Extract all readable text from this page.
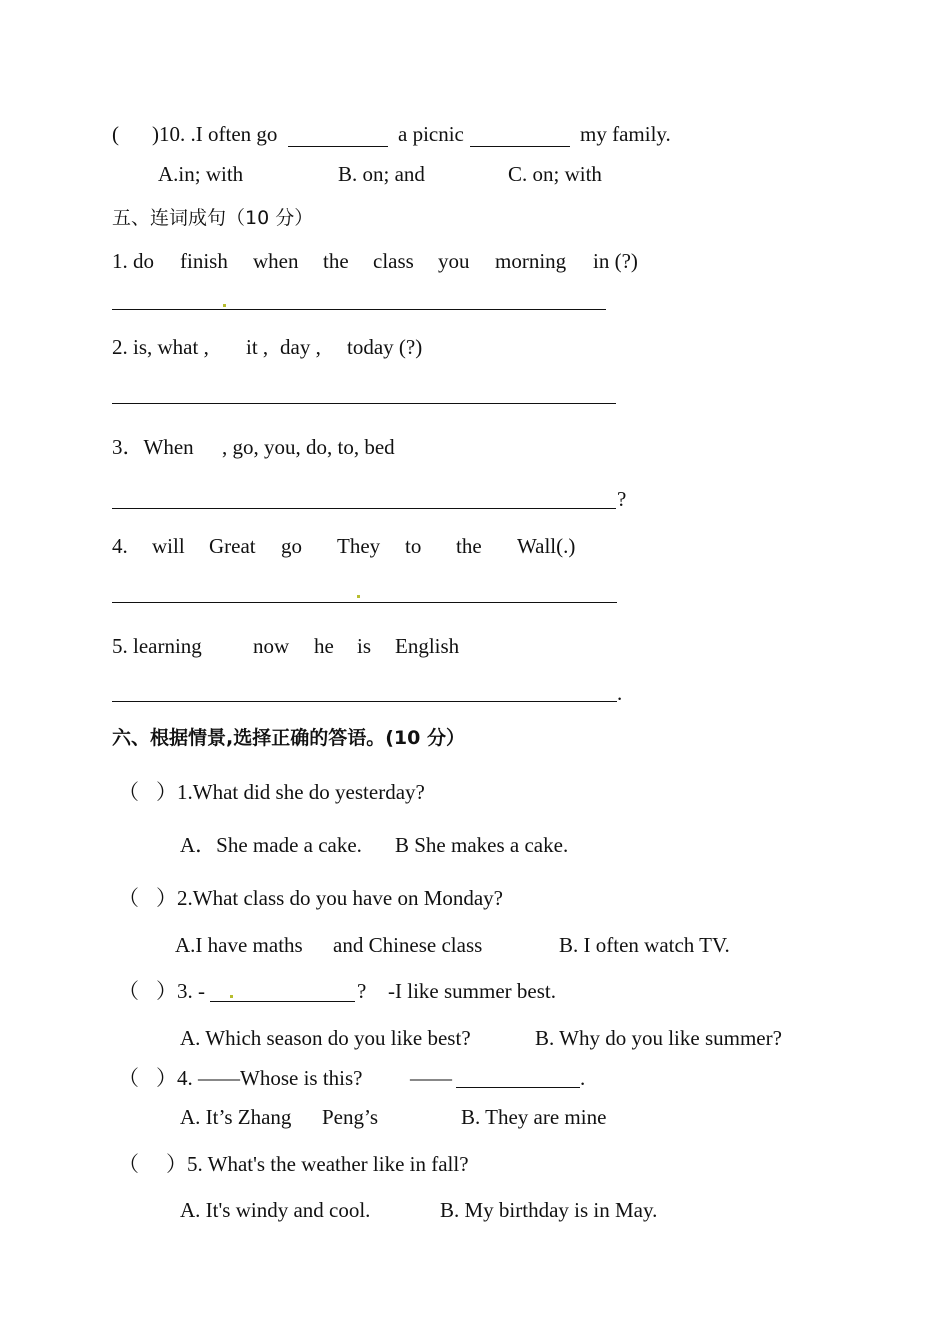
( )10. .I often go	a picnic	my family.
A.in; with	B. on; and	C. on; with
五、连词成句（10 分）
1. do finish when the class you morning in (?)
2. is, what , it , day , today (?)
3．When , go, you, do, to, bed
?
4. will Great go They to the Wall(.)
5. learning now he is English
.
六、根据情景,选择正确的答语。(10 分）
（ ）1.What did she do yesterday?
A．She made a cake. B She makes a cake.
（ ）2.What class do you have on Monday?
A.I have maths and Chinese class	B. I often watch TV.
（ ）3. -	? -I like summer best.
A. Which season do you like best?	B. Why do you like summer?
（ ）4. ——Whose is this? ——	.
A. It’s Zhang Peng’s	B. They are mine
（ ）5. What's the weather like in fall?
A. It's windy and cool.	B. My birthday is in May.
